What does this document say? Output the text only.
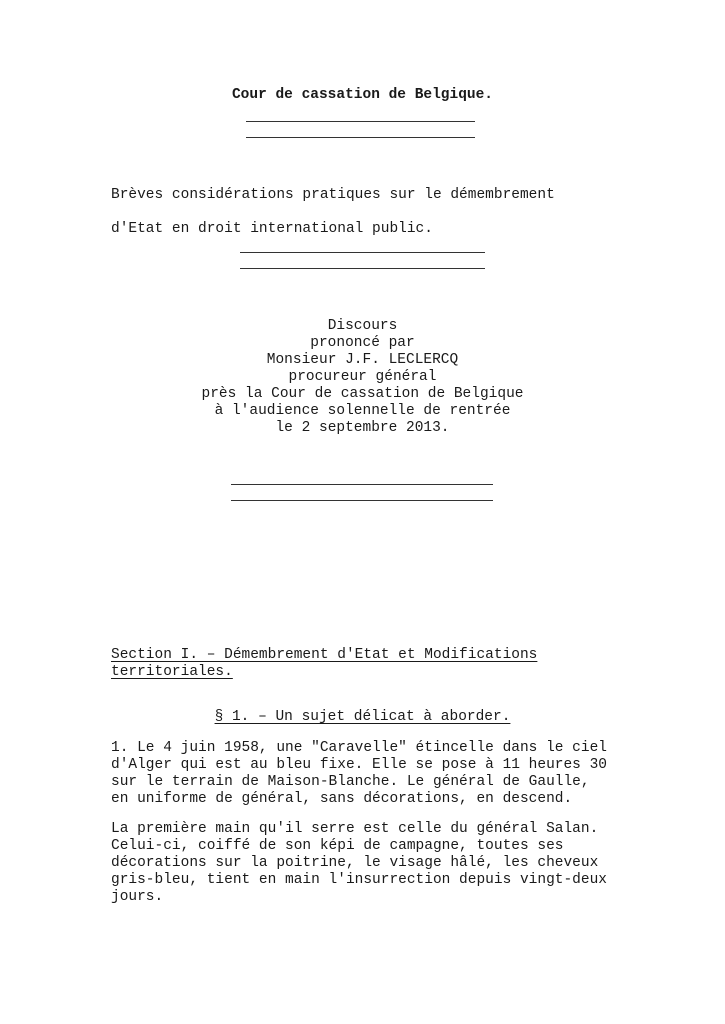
Cour de cassation de Belgique.

Brèves considérations pratiques sur le démembrement

d'Etat en droit international public.

Discours
prononcé par
Monsieur J.F. LECLERCQ
procureur général
près la Cour de cassation de Belgique
à l'audience solennelle de rentrée
le 2 septembre 2013.
Section I. – Démembrement d'Etat et Modifications
territoriales.
§ 1. – Un sujet délicat à aborder.
1. Le 4 juin 1958, une "Caravelle" étincelle dans le ciel
d'Alger qui est au bleu fixe. Elle se pose à 11 heures 30
sur le terrain de Maison-Blanche. Le général de Gaulle,
en uniforme de général, sans décorations, en descend.
La première main qu'il serre est celle du général Salan.
Celui-ci, coiffé de son képi de campagne, toutes ses
décorations sur la poitrine, le visage hâlé, les cheveux
gris-bleu, tient en main l'insurrection depuis vingt-deux
jours.
